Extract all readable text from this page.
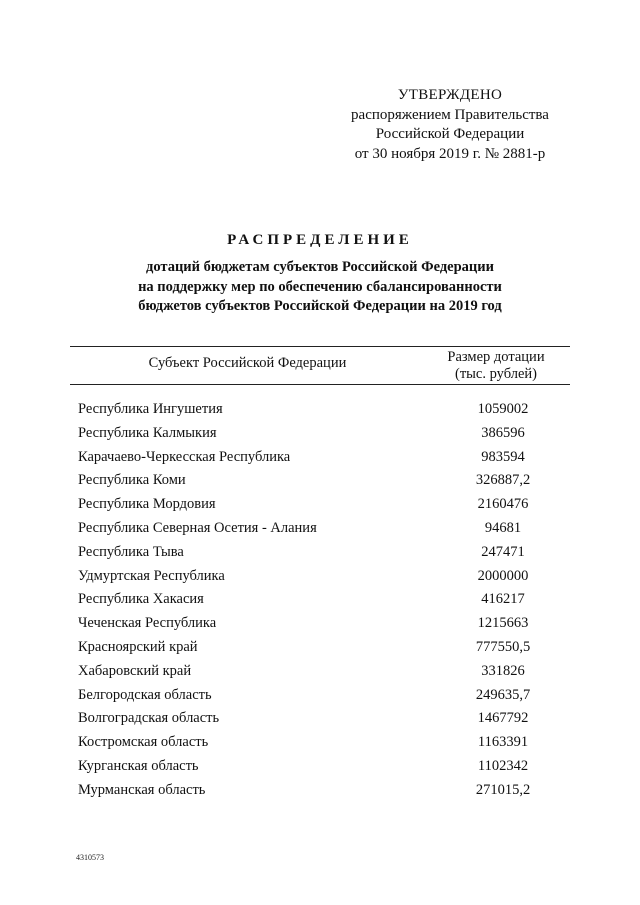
УТВЕРЖДЕНО
распоряжением Правительства
Российской Федерации
от 30 ноября 2019 г. № 2881-р
РАСПРЕДЕЛЕНИЕ
дотаций бюджетам субъектов Российской Федерации
на поддержку мер по обеспечению сбалансированности
бюджетов субъектов Российской Федерации на 2019 год
Субъект Российской Федерации	Размер дотации
(тыс. рублей)
Республика Ингушетия	1059002
Республика Калмыкия	386596
Карачаево-Черкесская Республика	983594
Республика Коми	326887,2
Республика Мордовия	2160476
Республика Северная Осетия - Алания	94681
Республика Тыва	247471
Удмуртская Республика	2000000
Республика Хакасия	416217
Чеченская Республика	1215663
Красноярский край	777550,5
Хабаровский край	331826
Белгородская область	249635,7
Волгоградская область	1467792
Костромская область	1163391
Курганская область	1102342
Мурманская область	271015,2
4310573
